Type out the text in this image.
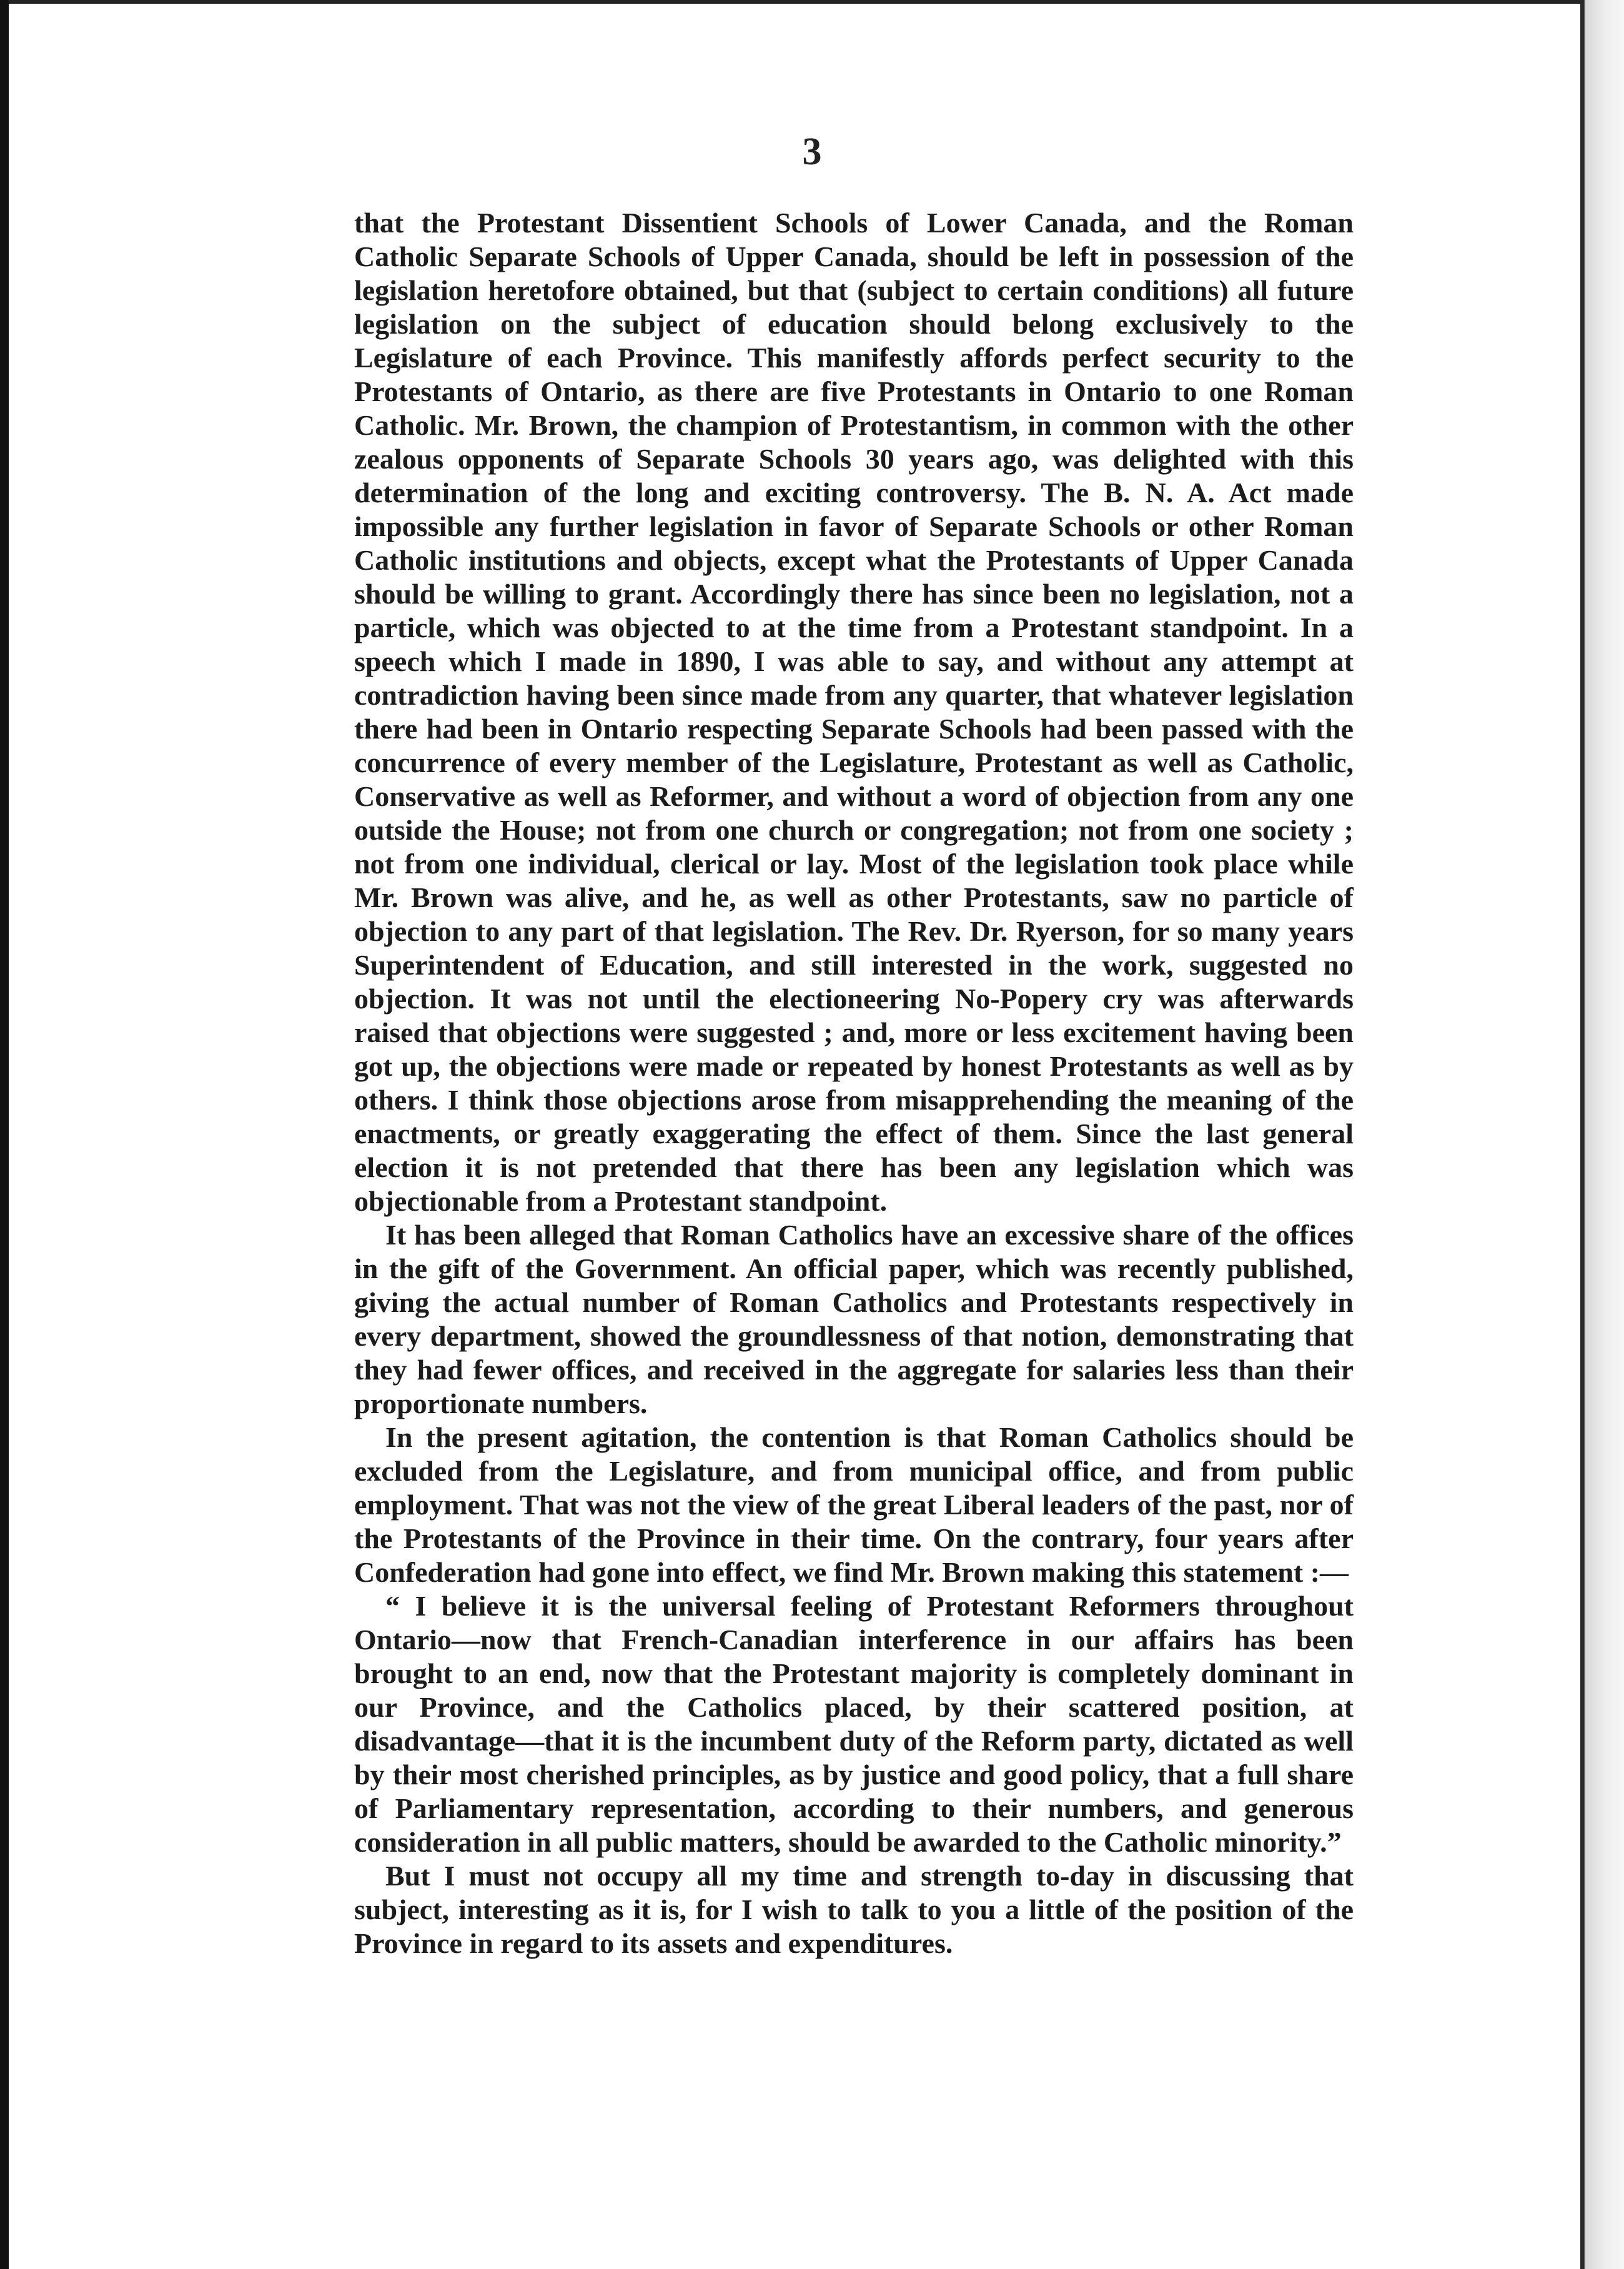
3

that the Protestant Dissentient Schools of Lower Canada, and the Roman Catholic Separate Schools of Upper Canada, should be left in possession of the legislation heretofore obtained, but that (subject to certain conditions) all future legislation on the subject of education should belong exclusively to the Legislature of each Province. This manifestly affords perfect security to the Protestants of Ontario, as there are five Protestants in Ontario to one Roman Catholic. Mr. Brown, the champion of Protestantism, in common with the other zealous opponents of Separate Schools 30 years ago, was delighted with this determination of the long and exciting controversy. The B. N. A. Act made impossible any further legislation in favor of Separate Schools or other Roman Catholic institutions and objects, except what the Protestants of Upper Canada should be willing to grant. Accordingly there has since been no legislation, not a particle, which was objected to at the time from a Protestant standpoint. In a speech which I made in 1890, I was able to say, and without any attempt at contradiction having been since made from any quarter, that whatever legislation there had been in Ontario respecting Separate Schools had been passed with the concurrence of every member of the Legislature, Protestant as well as Catholic, Conservative as well as Reformer, and without a word of objection from any one outside the House; not from one church or congregation; not from one society ; not from one individual, clerical or lay. Most of the legislation took place while Mr. Brown was alive, and he, as well as other Protestants, saw no particle of objection to any part of that legislation. The Rev. Dr. Ryerson, for so many years Superintendent of Education, and still interested in the work, suggested no objection. It was not until the electioneering No-Popery cry was afterwards raised that objections were suggested ; and, more or less excitement having been got up, the objections were made or repeated by honest Protestants as well as by others. I think those objections arose from misapprehending the meaning of the enactments, or greatly exaggerating the effect of them. Since the last general election it is not pretended that there has been any legislation which was objectionable from a Protestant standpoint.

It has been alleged that Roman Catholics have an excessive share of the offices in the gift of the Government. An official paper, which was recently published, giving the actual number of Roman Catholics and Protestants respectively in every department, showed the groundlessness of that notion, demonstrating that they had fewer offices, and received in the aggregate for salaries less than their proportionate numbers.

In the present agitation, the contention is that Roman Catholics should be excluded from the Legislature, and from municipal office, and from public employment. That was not the view of the great Liberal leaders of the past, nor of the Protestants of the Province in their time. On the contrary, four years after Confederation had gone into effect, we find Mr. Brown making this statement :—

“ I believe it is the universal feeling of Protestant Reformers throughout Ontario—now that French-Canadian interference in our affairs has been brought to an end, now that the Protestant majority is completely dominant in our Province, and the Catholics placed, by their scattered position, at disadvantage—that it is the incumbent duty of the Reform party, dictated as well by their most cherished principles, as by justice and good policy, that a full share of Parliamentary representation, according to their numbers, and generous consideration in all public matters, should be awarded to the Catholic minority.”

But I must not occupy all my time and strength to-day in discussing that subject, interesting as it is, for I wish to talk to you a little of the position of the Province in regard to its assets and expenditures.
